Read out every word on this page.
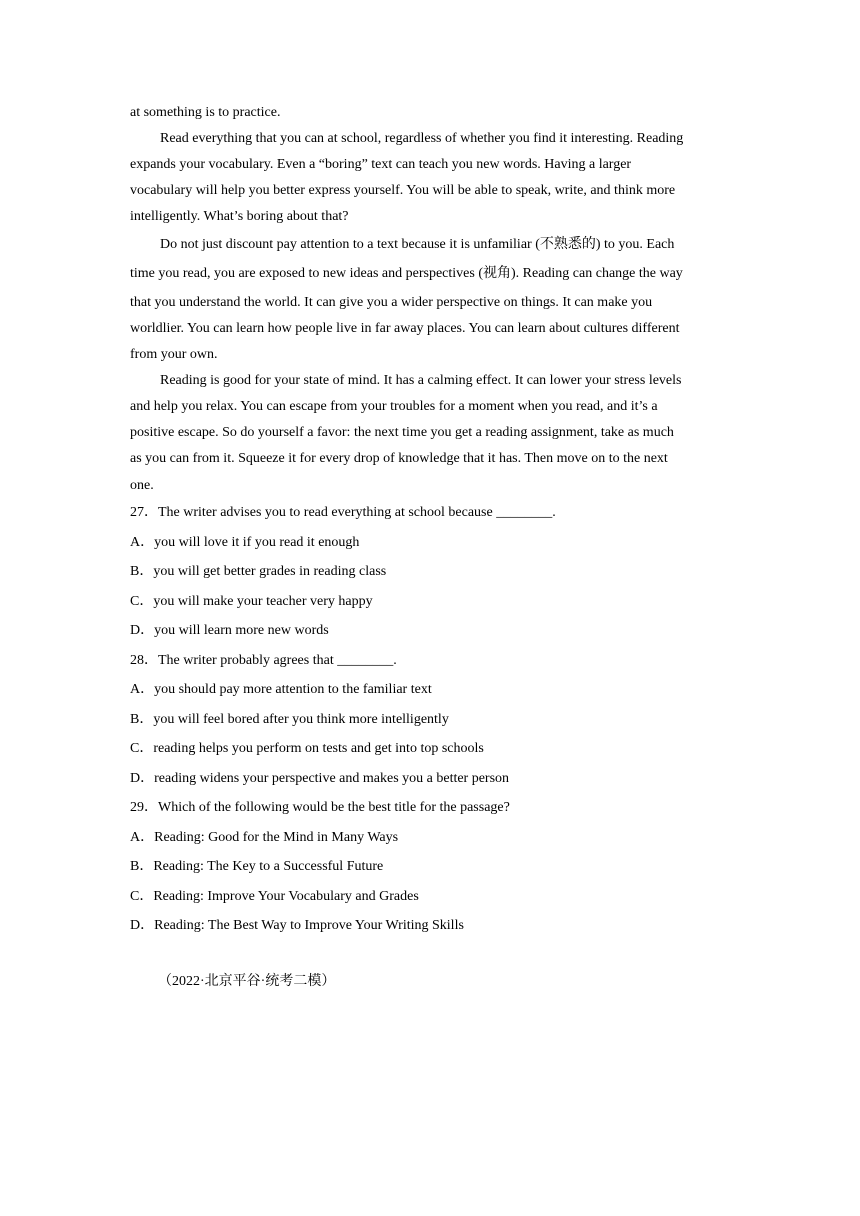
at something is to practice.
Read everything that you can at school, regardless of whether you find it interesting. Reading
expands your vocabulary. Even a “boring” text can teach you new words. Having a larger
vocabulary will help you better express yourself. You will be able to speak, write, and think more
intelligently. What’s boring about that?
Do not just discount pay attention to a text because it is unfamiliar (不熟悉的) to you. Each
time you read, you are exposed to new ideas and perspectives (视角). Reading can change the way
that you understand the world. It can give you a wider perspective on things. It can make you
worldlier. You can learn how people live in far away places. You can learn about cultures different
from your own.
Reading is good for your state of mind. It has a calming effect. It can lower your stress levels
and help you relax. You can escape from your troubles for a moment when you read, and it’s a
positive escape. So do yourself a favor: the next time you get a reading assignment, take as much
as you can from it. Squeeze it for every drop of knowledge that it has. Then move on to the next
one.
27．The writer advises you to read everything at school because ________.
A．you will love it if you read it enough
B．you will get better grades in reading class
C．you will make your teacher very happy
D．you will learn more new words
28．The writer probably agrees that ________.
A．you should pay more attention to the familiar text
B．you will feel bored after you think more intelligently
C．reading helps you perform on tests and get into top schools
D．reading widens your perspective and makes you a better person
29．Which of the following would be the best title for the passage?
A．Reading: Good for the Mind in Many Ways
B．Reading: The Key to a Successful Future
C．Reading: Improve Your Vocabulary and Grades
D．Reading: The Best Way to Improve Your Writing Skills
（2022·北京平谷·统考二模）
